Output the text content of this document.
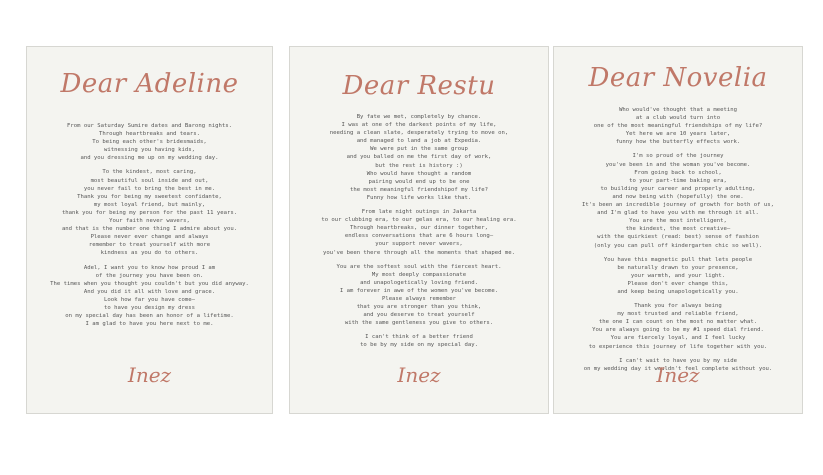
Dear Adeline
From our Saturday Sumire dates and Barong nights.
Through heartbreaks and tears.
To being each other's bridesmaids,
witnessing you having kids,
and you dressing me up on my wedding day.
To the kindest, most caring,
most beautiful soul inside and out,
you never fail to bring the best in me.
Thank you for being my sweetest confidante,
my most loyal friend, but mainly,
thank you for being my person for the past 11 years.
Your faith never wavers,
and that is the number one thing I admire about you.
Please never ever change and always
remember to treat yourself with more
kindness as you do to others.
Adel, I want you to know how proud I am
of the journey you have been on.
The times when you thought you couldn't but you did anyway.
And you did it all with love and grace.
Look how far you have come—
to have you design my dress
on my special day has been an honor of a lifetime.
I am glad to have you here next to me.
Inez
Dear Restu
By fate we met, completely by chance.
I was at one of the darkest points of my life,
needing a clean slate, desperately trying to move on,
and managed to land a job at Expedia.
We were put in the same group
and you balled on me the first day of work,
but the rest is history :)
Who would have thought a random
pairing would end up to be one
the most meaningful friendshipof my life?
Funny how life works like that.
From late night outings in Jakarta
to our clubbing era, to our gelas era, to our healing era.
Through heartbreaks, our dinner together,
endless conversations that are 6 hours long—
your support never wavers,
you've been there through all the moments that shaped me.
You are the softest soul with the fiercest heart.
My most deeply compassionate
and unapologetically loving friend.
I am forever in awe of the women you've become.
Please always remember
that you are stronger than you think,
and you deserve to treat yourself
with the same gentleness you give to others.
I can't think of a better friend
to be by my side on my special day.
Inez
Dear Novelia
Who would've thought that a meeting
at a club would turn into
one of the most meaningful friendships of my life?
Yet here we are 10 years later,
funny how the butterfly effects work.
I'm so proud of the journey
you've been in and the woman you've become.
From going back to school,
to your part-time baking era,
to building your career and properly adulting,
and now being with (hopefully) the one.
It's been an incredible journey of growth for both of us,
and I'm glad to have you with me through it all.
You are the most intelligent,
the kindest, the most creative—
with the quirkiest (read: best) sense of fashion
(only you can pull off kindergarten chic so well).
You have this magnetic pull that lets people
be naturally drawn to your presence,
your warmth, and your light.
Please don't ever change this,
and keep being unapologetically you.
Thank you for always being
my most trusted and reliable friend,
the one I can count on the most no matter what.
You are always going to be my #1 speed dial friend.
You are fiercely loyal, and I feel lucky
to experience this journey of life together with you.
I can't wait to have you by my side
on my wedding day it wouldn't feel complete without you.
Inez
